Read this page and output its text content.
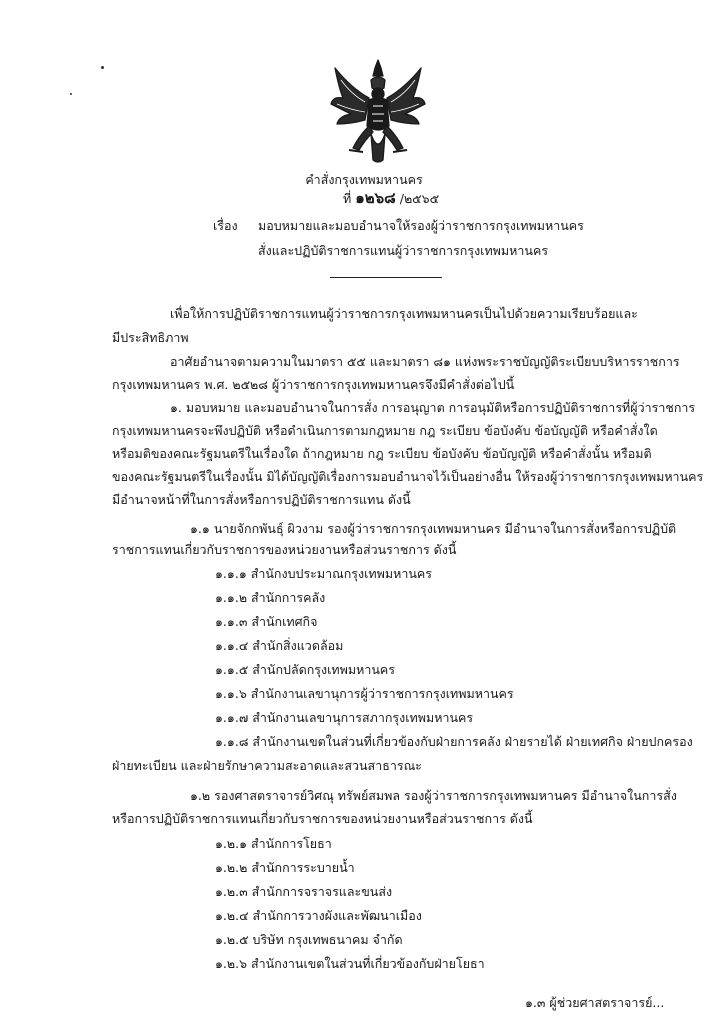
คำสั่งกรุงเทพมหานคร
ที่ ๑๒๖๘ /๒๕๖๕
เรื่อง มอบหมายและมอบอำนาจให้รองผู้ว่าราชการกรุงเทพมหานคร
สั่งและปฏิบัติราชการแทนผู้ว่าราชการกรุงเทพมหานคร
เพื่อให้การปฏิบัติราชการแทนผู้ว่าราชการกรุงเทพมหานครเป็นไปด้วยความเรียบร้อยและ
มีประสิทธิภาพ
อาศัยอำนาจตามความในมาตรา ๕๕ และมาตรา ๘๑ แห่งพระราชบัญญัติระเบียบบริหารราชการ
กรุงเทพมหานคร พ.ศ. ๒๕๒๘ ผู้ว่าราชการกรุงเทพมหานครจึงมีคำสั่งต่อไปนี้
๑. มอบหมาย และมอบอำนาจในการสั่ง การอนุญาต การอนุมัติหรือการปฏิบัติราชการที่ผู้ว่าราชการ
กรุงเทพมหานครจะพึงปฏิบัติ หรือดำเนินการตามกฎหมาย กฎ ระเบียบ ข้อบังคับ ข้อบัญญัติ หรือคำสั่งใด
หรือมติของคณะรัฐมนตรีในเรื่องใด ถ้ากฎหมาย กฎ ระเบียบ ข้อบังคับ ข้อบัญญัติ หรือคำสั่งนั้น หรือมติ
ของคณะรัฐมนตรีในเรื่องนั้น มิได้บัญญัติเรื่องการมอบอำนาจไว้เป็นอย่างอื่น ให้รองผู้ว่าราชการกรุงเทพมหานคร
มีอำนาจหน้าที่ในการสั่งหรือการปฏิบัติราชการแทน ดังนี้
๑.๑ นายจักกพันธุ์ ผิวงาม รองผู้ว่าราชการกรุงเทพมหานคร มีอำนาจในการสั่งหรือการปฏิบัติ
ราชการแทนเกี่ยวกับราชการของหน่วยงานหรือส่วนราชการ ดังนี้
๑.๑.๑ สำนักงบประมาณกรุงเทพมหานคร
๑.๑.๒ สำนักการคลัง
๑.๑.๓ สำนักเทศกิจ
๑.๑.๔ สำนักสิ่งแวดล้อม
๑.๑.๕ สำนักปลัดกรุงเทพมหานคร
๑.๑.๖ สำนักงานเลขานุการผู้ว่าราชการกรุงเทพมหานคร
๑.๑.๗ สำนักงานเลขานุการสภากรุงเทพมหานคร
๑.๑.๘ สำนักงานเขตในส่วนที่เกี่ยวข้องกับฝ่ายการคลัง ฝ่ายรายได้ ฝ่ายเทศกิจ ฝ่ายปกครอง
ฝ่ายทะเบียน และฝ่ายรักษาความสะอาดและสวนสาธารณะ
๑.๒ รองศาสตราจารย์วิศณุ ทรัพย์สมพล รองผู้ว่าราชการกรุงเทพมหานคร มีอำนาจในการสั่ง
หรือการปฏิบัติราชการแทนเกี่ยวกับราชการของหน่วยงานหรือส่วนราชการ ดังนี้
๑.๒.๑ สำนักการโยธา
๑.๒.๒ สำนักการระบายน้ำ
๑.๒.๓ สำนักการจราจรและขนส่ง
๑.๒.๔ สำนักการวางผังและพัฒนาเมือง
๑.๒.๕ บริษัท กรุงเทพธนาคม จำกัด
๑.๒.๖ สำนักงานเขตในส่วนที่เกี่ยวข้องกับฝ่ายโยธา
๑.๓ ผู้ช่วยศาสตราจารย์...
